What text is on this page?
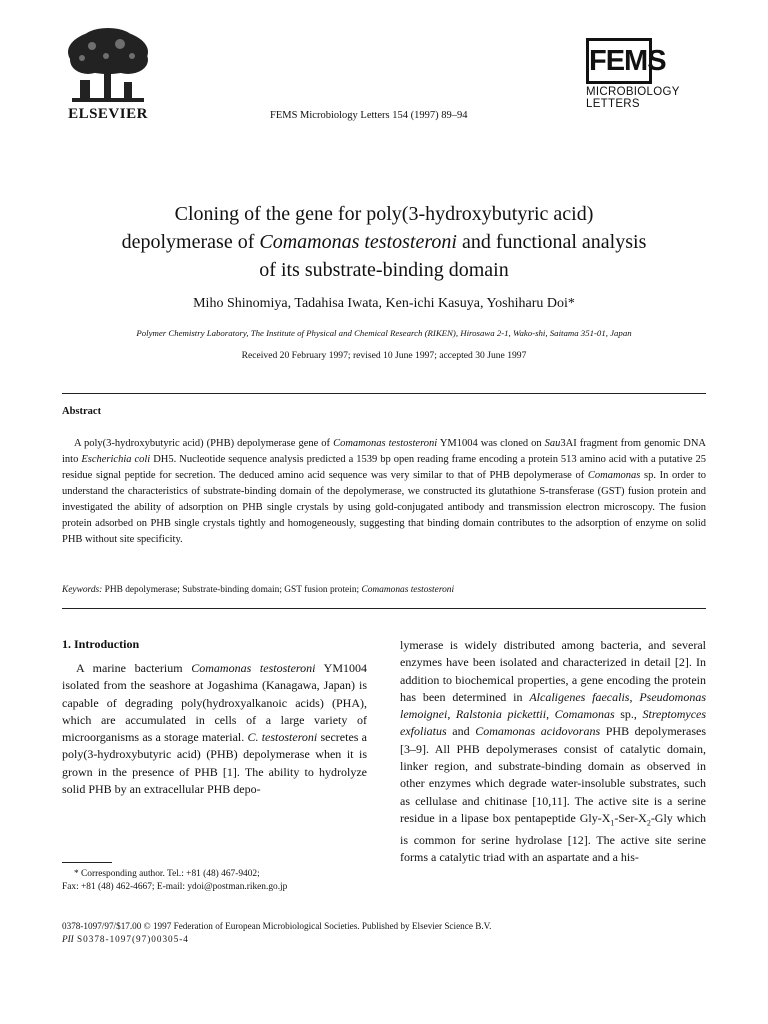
ELSEVIER	FEMS Microbiology Letters 154 (1997) 89–94
FEMS
MICROBIOLOGY
LETTERS
Cloning of the gene for poly(3-hydroxybutyric acid)
depolymerase of Comamonas testosteroni and functional analysis
of its substrate-binding domain
Miho Shinomiya, Tadahisa Iwata, Ken-ichi Kasuya, Yoshiharu Doi*
Polymer Chemistry Laboratory, The Institute of Physical and Chemical Research (RIKEN), Hirosawa 2-1, Wako-shi, Saitama 351-01, Japan
Received 20 February 1997; revised 10 June 1997; accepted 30 June 1997
Abstract
A poly(3-hydroxybutyric acid) (PHB) depolymerase gene of Comamonas testosteroni YM1004 was cloned on Sau3AI fragment from genomic DNA into Escherichia coli DH5. Nucleotide sequence analysis predicted a 1539 bp open reading frame encoding a protein 513 amino acid with a putative 25 residue signal peptide for secretion. The deduced amino acid sequence was very similar to that of PHB depolymerase of Comamonas sp. In order to understand the characteristics of substrate-binding domain of the depolymerase, we constructed its glutathione S-transferase (GST) fusion protein and investigated the ability of adsorption on PHB single crystals by using gold-conjugated antibody and transmission electron microscopy. The fusion protein adsorbed on PHB single crystals tightly and homogeneously, suggesting that binding domain contributes to the adsorption of enzyme on solid PHB without site specificity.
Keywords: PHB depolymerase; Substrate-binding domain; GST fusion protein; Comamonas testosteroni
1. Introduction
A marine bacterium Comamonas testosteroni YM1004 isolated from the seashore at Jogashima (Kanagawa, Japan) is capable of degrading poly(hydroxyalkanoic acids) (PHA), which are accumulated in cells of a large variety of microorganisms as a storage material. C. testosteroni secretes a poly(3-hydroxybutyric acid) (PHB) depolymerase when it is grown in the presence of PHB [1]. The ability to hydrolyze solid PHB by an extracellular PHB depo-
lymerase is widely distributed among bacteria, and several enzymes have been isolated and characterized in detail [2]. In addition to biochemical properties, a gene encoding the protein has been determined in Alcaligenes faecalis, Pseudomonas lemoignei, Ralstonia pickettii, Comamonas sp., Streptomyces exfoliatus and Comamonas acidovorans PHB depolymerases [3–9]. All PHB depolymerases consist of catalytic domain, linker region, and substrate-binding domain as observed in other enzymes which degrade water-insoluble substrates, such as cellulase and chitinase [10,11]. The active site is a serine residue in a lipase box pentapeptide Gly-$X_1-Ser-X_2$-Gly which is common for serine hydrolase [12]. The active site serine forms a catalytic triad with an aspartate and a his-
* Corresponding author. Tel.: +81 (48) 467-9402;
Fax: +81 (48) 462-4667; E-mail: ydoi@postman.riken.go.jp
0378-1097/97/$17.00 © 1997 Federation of European Microbiological Societies. Published by Elsevier Science B.V.
PII S0378-1097(97)00305-4
